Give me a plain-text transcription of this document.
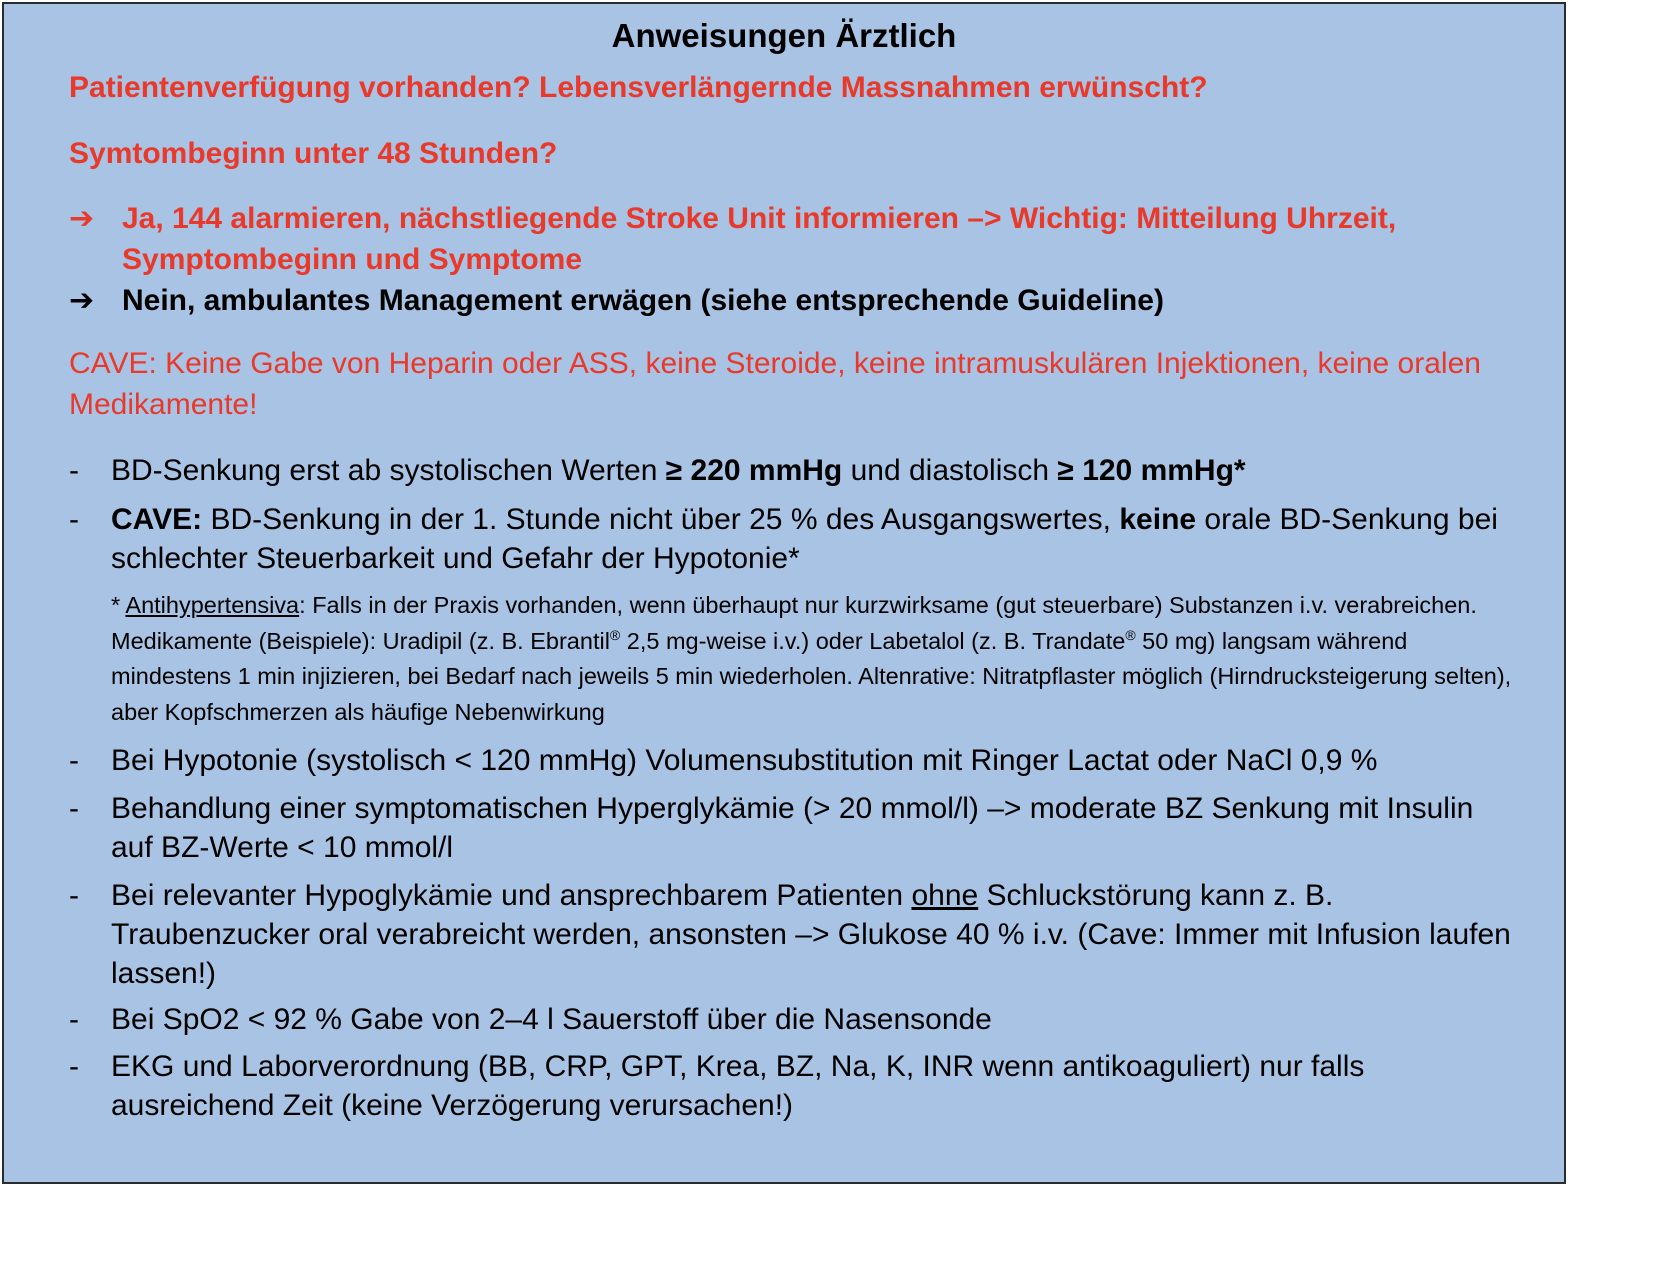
Anweisungen Ärztlich
Patientenverfügung vorhanden? Lebensverlängernde Massnahmen erwünscht?
Symtombeginn unter 48 Stunden?
➔ Ja, 144 alarmieren, nächstliegende Stroke Unit informieren –> Wichtig: Mitteilung Uhrzeit, Symptombeginn und Symptome
➔ Nein, ambulantes Management erwägen (siehe entsprechende Guideline)
CAVE: Keine Gabe von Heparin oder ASS, keine Steroide, keine intramuskulären Injektionen, keine oralen Medikamente!
- BD-Senkung erst ab systolischen Werten ≥ 220 mmHg und diastolisch ≥ 120 mmHg*
- CAVE: BD-Senkung in der 1. Stunde nicht über 25 % des Ausgangswertes, keine orale BD-Senkung bei schlechter Steuerbarkeit und Gefahr der Hypotonie*
* Antihypertensiva: Falls in der Praxis vorhanden, wenn überhaupt nur kurzwirksame (gut steuerbare) Substanzen i.v. verabreichen. Medikamente (Beispiele): Uradipil (z. B. Ebrantil® 2,5 mg-weise i.v.) oder Labetalol (z. B. Trandate® 50 mg) langsam während mindestens 1 min injizieren, bei Bedarf nach jeweils 5 min wiederholen. Altenrative: Nitratpflaster möglich (Hirndrucksteigerung selten), aber Kopfschmerzen als häufige Nebenwirkung
- Bei Hypotonie (systolisch < 120 mmHg) Volumensubstitution mit Ringer Lactat oder NaCl 0,9 %
- Behandlung einer symptomatischen Hyperglykämie (> 20 mmol/l) –> moderate BZ Senkung mit Insulin auf BZ-Werte < 10 mmol/l
- Bei relevanter Hypoglykämie und ansprechbarem Patienten ohne Schluckstörung kann z. B. Traubenzucker oral verabreicht werden, ansonsten –> Glukose 40 % i.v. (Cave: Immer mit Infusion laufen lassen!)
- Bei SpO2 < 92 % Gabe von 2–4 l Sauerstoff über die Nasensonde
- EKG und Laborverordnung (BB, CRP, GPT, Krea, BZ, Na, K, INR wenn antikoaguliert) nur falls ausreichend Zeit (keine Verzögerung verursachen!)
